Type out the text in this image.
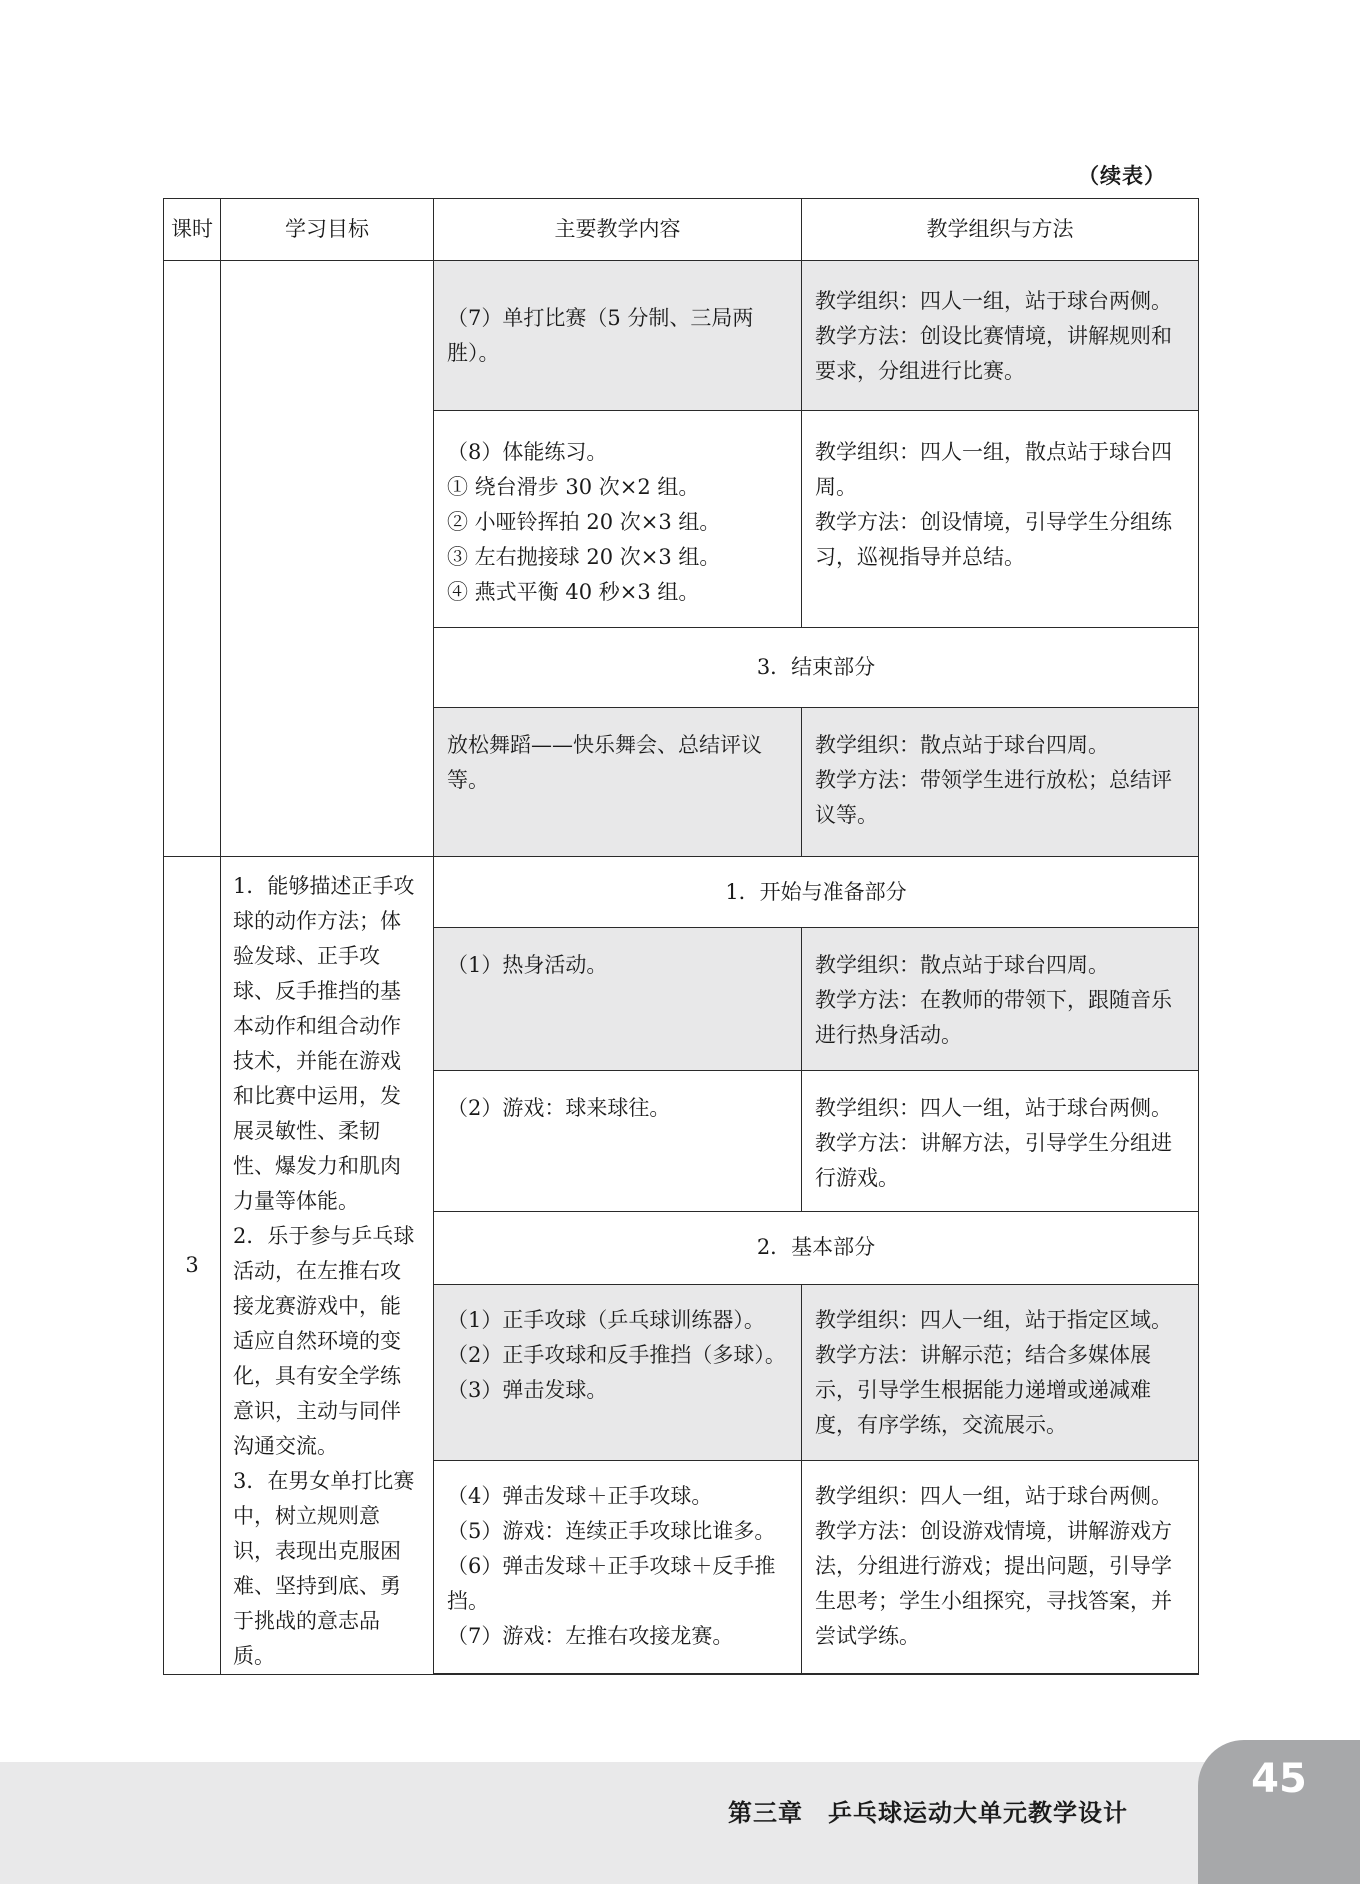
（续表）
课时	学习目标	主要教学内容	教学组织与方法

		（7）单打比赛（5 分制、三局两胜）。	教学组织：四人一组，站于球台两侧。
教学方法：创设比赛情境，讲解规则和要求，分组进行比赛。

		（8）体能练习。
① 绕台滑步 30 次×2 组。
② 小哑铃挥拍 20 次×3 组。
③ 左右抛接球 20 次×3 组。
④ 燕式平衡 40 秒×3 组。	教学组织：四人一组，散点站于球台四周。
教学方法：创设情境，引导学生分组练习，巡视指导并总结。

		3．结束部分	

		放松舞蹈——快乐舞会、总结评议等。	教学组织：散点站于球台四周。
教学方法：带领学生进行放松；总结评议等。

3	1．能够描述正手攻球的动作方法；体验发球、正手攻球、反手推挡的基本动作和组合动作技术，并能在游戏和比赛中运用，发展灵敏性、柔韧性、爆发力和肌肉力量等体能。
2．乐于参与乒乓球活动，在左推右攻接龙赛游戏中，能适应自然环境的变化，具有安全学练意识，主动与同伴沟通交流。
3．在男女单打比赛中，树立规则意识，表现出克服困难、坚持到底、勇于挑战的意志品质。	1．开始与准备部分	

		（1）热身活动。	教学组织：散点站于球台四周。
教学方法：在教师的带领下，跟随音乐进行热身活动。

		（2）游戏：球来球往。	教学组织：四人一组，站于球台两侧。
教学方法：讲解方法，引导学生分组进行游戏。

		2．基本部分	

		（1）正手攻球（乒乓球训练器）。
（2）正手攻球和反手推挡（多球）。
（3）弹击发球。	教学组织：四人一组，站于指定区域。
教学方法：讲解示范；结合多媒体展示，引导学生根据能力递增或递减难度，有序学练，交流展示。

		（4）弹击发球＋正手攻球。
（5）游戏：连续正手攻球比谁多。
（6）弹击发球＋正手攻球＋反手推挡。
（7）游戏：左推右攻接龙赛。	教学组织：四人一组，站于球台两侧。
教学方法：创设游戏情境，讲解游戏方法，分组进行游戏；提出问题，引导学生思考；学生小组探究，寻找答案，并尝试学练。

第三章　乒乓球运动大单元教学设计
45
